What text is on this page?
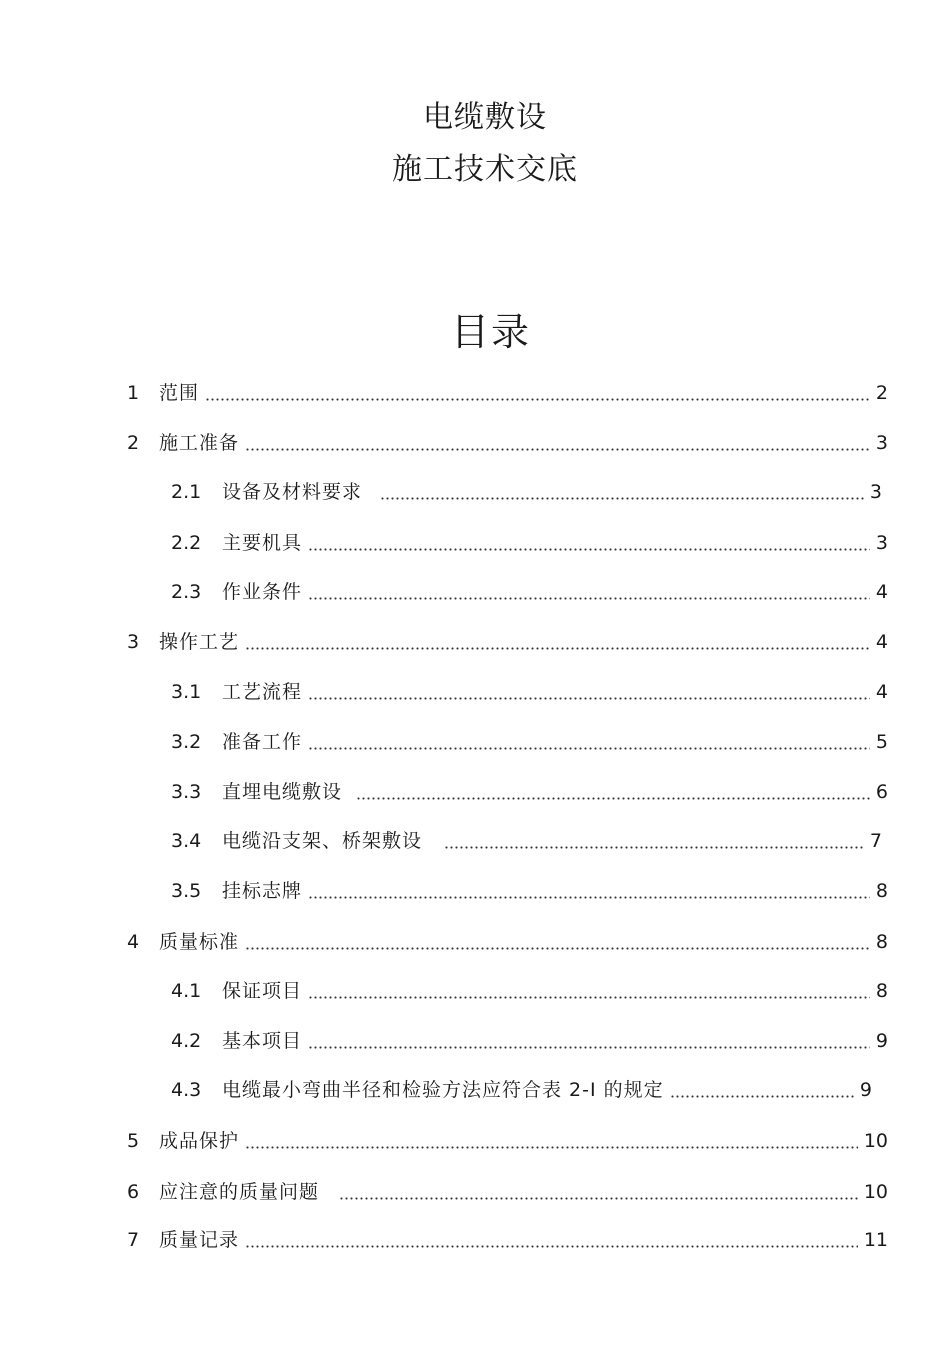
电缆敷设
施工技术交底
目录
1	范围	2
2	施工准备	3
2.1	设备及材料要求	3
2.2	主要机具	3
2.3	作业条件	4
3	操作工艺	4
3.1	工艺流程	4
3.2	准备工作	5
3.3	直埋电缆敷设	6
3.4	电缆沿支架、桥架敷设	7
3.5	挂标志牌	8
4	质量标准	8
4.1	保证项目	8
4.2	基本项目	9
4.3	电缆最小弯曲半径和检验方法应符合表 2-I 的规定	9
5	成品保护	10
6	应注意的质量问题	10
7	质量记录	11
